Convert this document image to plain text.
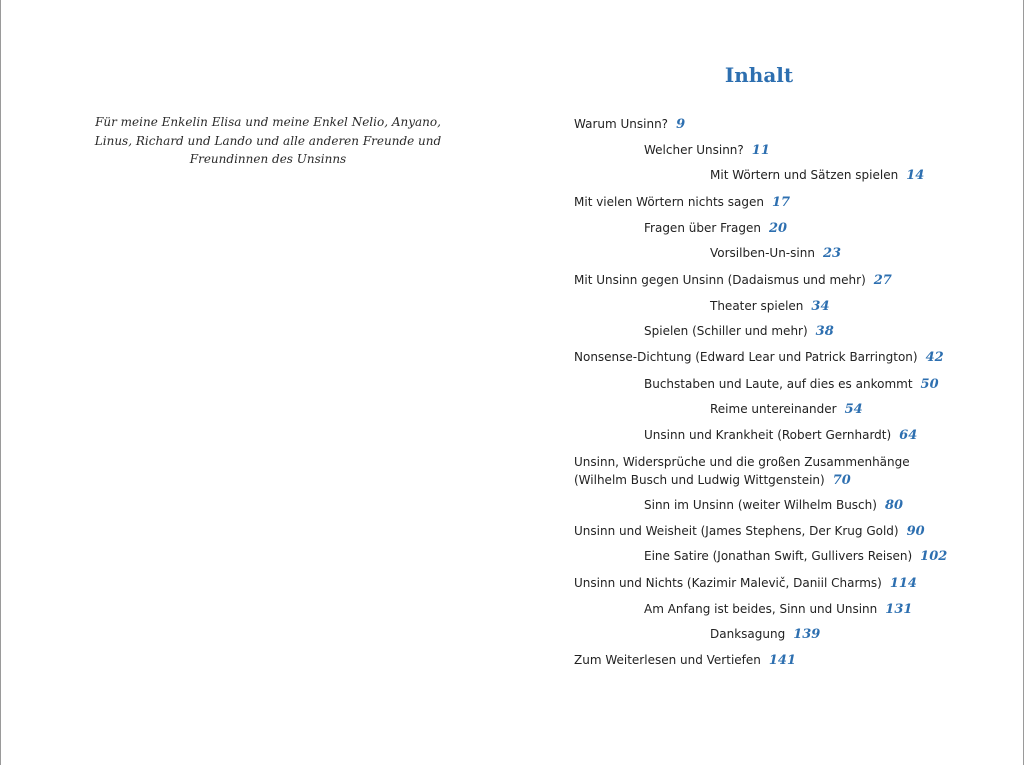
Für meine Enkelin Elisa und meine Enkel Nelio, Anyano,
Linus, Richard und Lando und alle anderen Freunde und
Freundinnen des Unsinns
Inhalt
Warum Unsinn? 9
Welcher Unsinn? 11
Mit Wörtern und Sätzen spielen 14
Mit vielen Wörtern nichts sagen 17
Fragen über Fragen 20
Vorsilben-Un-sinn 23
Mit Unsinn gegen Unsinn (Dadaismus und mehr) 27
Theater spielen 34
Spielen (Schiller und mehr) 38
Nonsense-Dichtung (Edward Lear und Patrick Barrington) 42
Buchstaben und Laute, auf dies es ankommt 50
Reime untereinander 54
Unsinn und Krankheit (Robert Gernhardt) 64
Unsinn, Widersprüche und die großen Zusammenhänge
(Wilhelm Busch und Ludwig Wittgenstein) 70
Sinn im Unsinn (weiter Wilhelm Busch) 80
Unsinn und Weisheit (James Stephens, Der Krug Gold) 90
Eine Satire (Jonathan Swift, Gullivers Reisen) 102
Unsinn und Nichts (Kazimir Malevič, Daniil Charms) 114
Am Anfang ist beides, Sinn und Unsinn 131
Danksagung 139
Zum Weiterlesen und Vertiefen 141
